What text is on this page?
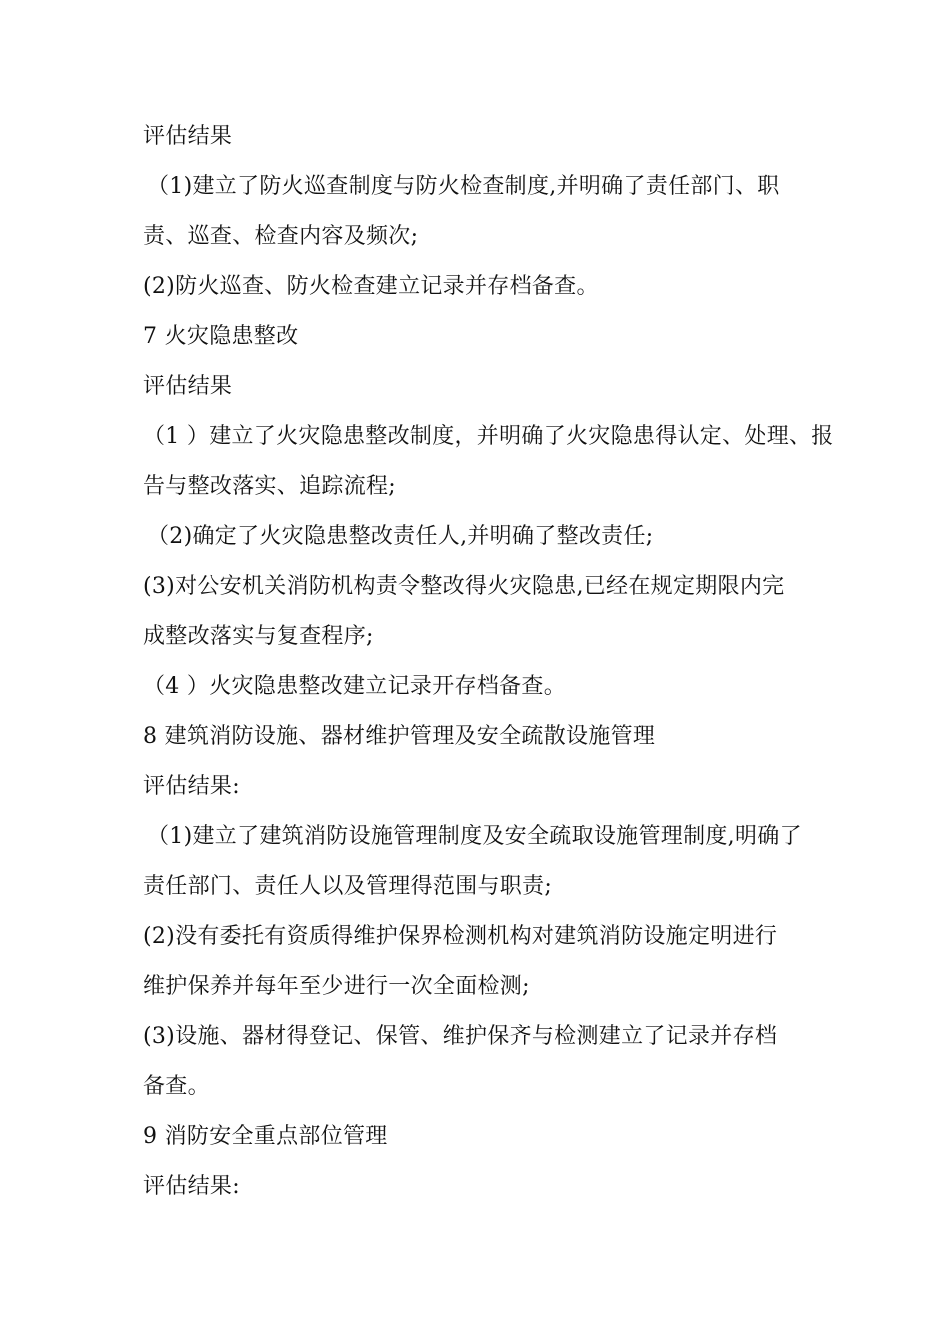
评估结果
（1)建立了防火巡查制度与防火检查制度,并明确了责任部门、职
责、巡查、检查内容及频次;
(2)防火巡查、防火检查建立记录并存档备查。
7 火灾隐患整改
评估结果
（1 ）建立了火灾隐患整改制度，并明确了火灾隐患得认定、处理、报
告与整改落实、追踪流程;
（2)确定了火灾隐患整改责任人,并明确了整改责任;
(3)对公安机关消防机构责令整改得火灾隐患,已经在规定期限内完
成整改落实与复查程序;
（4 ）火灾隐患整改建立记录开存档备查。
8 建筑消防设施、器材维护管理及安全疏散设施管理
评估结果:
（1)建立了建筑消防设施管理制度及安全疏取设施管理制度,明确了
责任部门、责任人以及管理得范围与职责;
(2)没有委托有资质得维护保界检测机构对建筑消防设施定明进行
维护保养并每年至少进行一次全面检测;
(3)设施、器材得登记、保管、维护保齐与检测建立了记录并存档
备查。
9 消防安全重点部位管理
评估结果:
